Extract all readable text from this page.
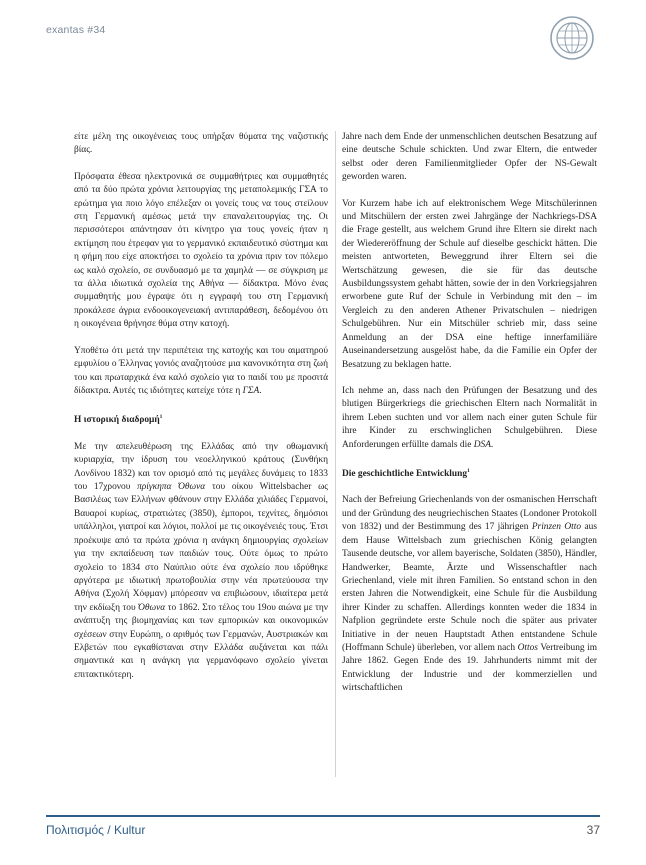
exantas #34

είτε μέλη της οικογένειας τους υπήρξαν θύματα της ναζιστικής βίας.

Πρόσφατα έθεσα ηλεκτρονικά σε συμμαθήτριες και συμμαθητές από τα δύο πρώτα χρόνια λειτουργίας της μεταπολεμικής ΓΣΑ το ερώτημα για ποιο λόγο επέλεξαν οι γονείς τους να τους στείλουν στη Γερμανική αμέσως μετά την επαναλειτουργίας της. Οι περισσότεροι απάντησαν ότι κίνητρο για τους γονείς ήταν η εκτίμηση που έτρεφαν για το γερμανικό εκπαιδευτικό σύστημα και η φήμη που είχε αποκτήσει το σχολείο τα χρόνια πριν τον πόλεμο ως καλό σχολείο, σε συνδυασμό με τα χαμηλά — σε σύγκριση με τα άλλα ιδιωτικά σχολεία της Αθήνα — δίδακτρα. Μόνο ένας συμμαθητής μου έγραψε ότι η εγγραφή του στη Γερμανική προκάλεσε άγρια ενδοοικογενειακή αντιπαράθεση, δεδομένου ότι η οικογένεια θρήνησε θύμα στην κατοχή.

Υποθέτω ότι μετά την περιπέτεια της κατοχής και του αιματηρού εμφυλίου ο Έλληνας γονιός αναζητούσε μια κανονικότητα στη ζωή του και πρωταρχικά ένα καλό σχολείο για το παιδί του με προσιτά δίδακτρα. Αυτές τις ιδιότητες κατείχε τότε η ΓΣΑ.

Η ιστορική διαδρομή$^1$

Με την απελευθέρωση της Ελλάδας από την οθωμανική κυριαρχία, την ίδρυση του νεοελληνικού κράτους (Συνθήκη Λονδίνου 1832) και τον ορισμό από τις μεγάλες δυνάμεις το 1833 του 17χρονου πρίγκηπα Όθωνα του οίκου Wittelsbacher ως Βασιλέως των Ελλήνων φθάνουν στην Ελλάδα χιλιάδες Γερμανοί, Βαυαροί κυρίως, στρατιώτες (3850), έμποροι, τεχνίτες, δημόσιοι υπάλληλοι, γιατροί και λόγιοι, πολλοί με τις οικογένειές τους. Έτσι προέκυψε από τα πρώτα χρόνια η ανάγκη δημιουργίας σχολείων για την εκπαίδευση των παιδιών τους. Ούτε όμως το πρώτο σχολείο το 1834 στο Ναύπλιο ούτε ένα σχολείο που ιδρύθηκε αργότερα με ιδιωτική πρωτοβουλία στην νέα πρωτεύουσα την Αθήνα (Σχολή Χόφμαν) μπόρεσαν να επιβιώσουν, ιδιαίτερα μετά την εκδίωξη του Όθωνα το 1862. Στο τέλος του 19ου αιώνα με την ανάπτυξη της βιομηχανίας και των εμπορικών και οικονομικών σχέσεων στην Ευρώπη, ο αριθμός των Γερμανών, Αυστριακών και Ελβετών που εγκαθίσταναι στην Ελλάδα αυξάνεται και πάλι σημαντικά και η ανάγκη για γερμανόφωνο σχολείο γίνεται επιτακτικότερη.

Jahre nach dem Ende der unmenschlichen deutschen Besatzung auf eine deutsche Schule schickten. Und zwar Eltern, die entweder selbst oder deren Familienmitglieder Opfer der NS-Gewalt geworden waren.

Vor Kurzem habe ich auf elektronischem Wege Mitschülerinnen und Mitschülern der ersten zwei Jahrgänge der Nachkriegs-DSA die Frage gestellt, aus welchem Grund ihre Eltern sie direkt nach der Wiedereröffnung der Schule auf dieselbe geschickt hätten. Die meisten antworteten, Beweggrund ihrer Eltern sei die Wertschätzung gewesen, die sie für das deutsche Ausbildungssystem gehabt hätten, sowie der in den Vorkriegsjahren erworbene gute Ruf der Schule in Verbindung mit den – im Vergleich zu den anderen Athener Privatschulen – niedrigen Schulgebühren. Nur ein Mitschüler schrieb mir, dass seine Anmeldung an der DSA eine heftige innerfamiliäre Auseinandersetzung ausgelöst habe, da die Familie ein Opfer der Besatzung zu beklagen hatte.

Ich nehme an, dass nach den Prüfungen der Besatzung und des blutigen Bürgerkriegs die griechischen Eltern nach Normalität in ihrem Leben suchten und vor allem nach einer guten Schule für ihre Kinder zu erschwinglichen Schulgebühren. Diese Anforderungen erfüllte damals die DSA.

Die geschichtliche Entwicklung$^1$

Nach der Befreiung Griechenlands von der osmanischen Herrschaft und der Gründung des neugriechischen Staates (Londoner Protokoll von 1832) und der Bestimmung des 17 jährigen Prinzen Otto aus dem Hause Wittelsbach zum griechischen König gelangten Tausende deutsche, vor allem bayerische, Soldaten (3850), Händler, Handwerker, Beamte, Ärzte und Wissenschaftler nach Griechenland, viele mit ihren Familien. So entstand schon in den ersten Jahren die Notwendigkeit, eine Schule für die Ausbildung ihrer Kinder zu schaffen. Allerdings konnten weder die 1834 in Nafplion gegründete erste Schule noch die später aus privater Initiative in der neuen Hauptstadt Athen entstandene Schule (Hoffmann Schule) überleben, vor allem nach Ottos Vertreibung im Jahre 1862. Gegen Ende des 19. Jahrhunderts nimmt mit der Entwicklung der Industrie und der kommerziellen und wirtschaftlichen

Πολιτισμός / Kultur	37
